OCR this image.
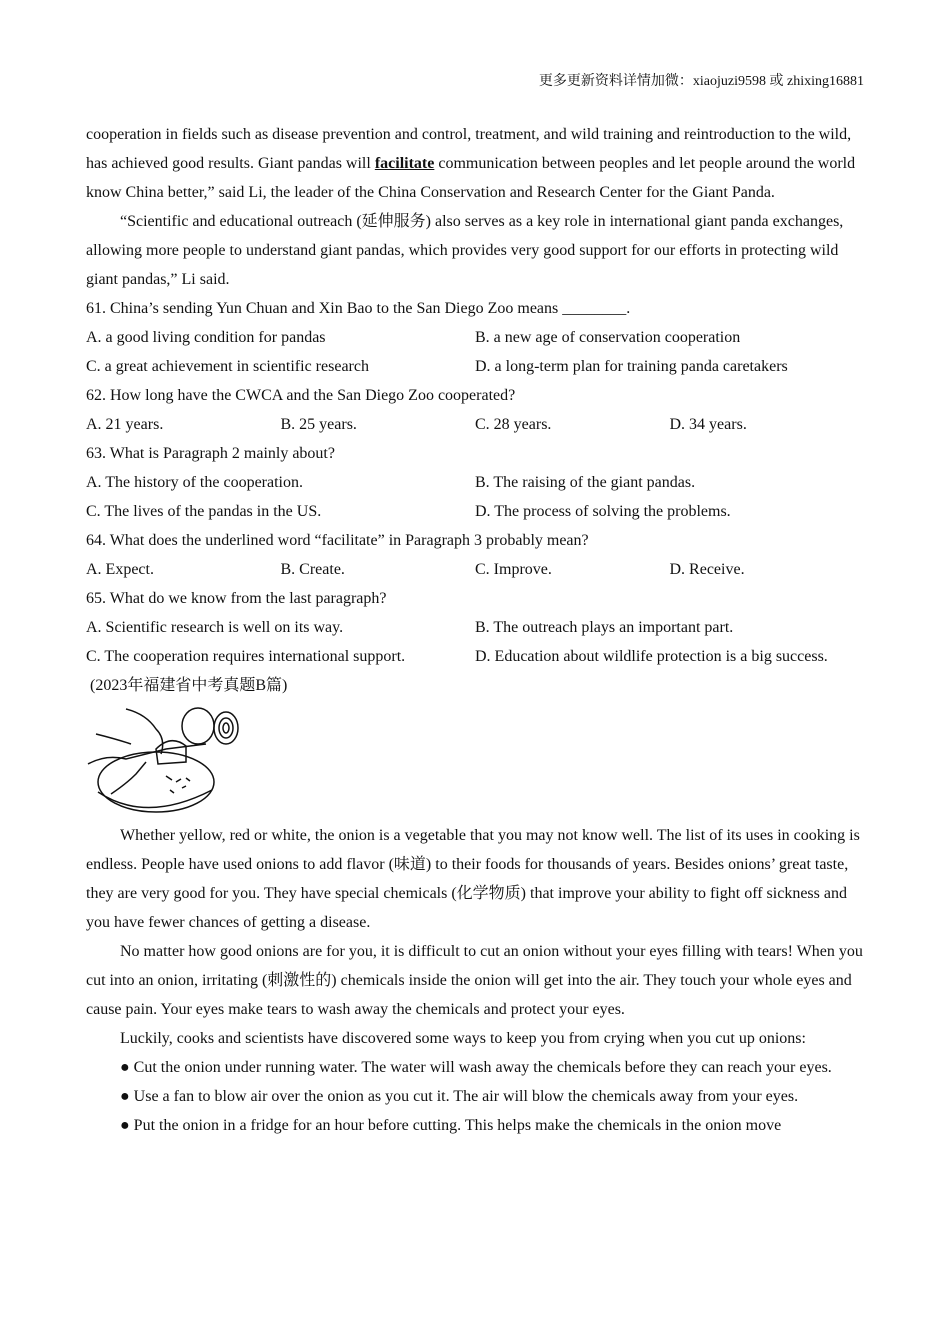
更多更新资料详情加微：xiaojuzi9598 或 zhixing16881

cooperation in fields such as disease prevention and control, treatment, and wild training and reintroduction to the wild, has achieved good results. Giant pandas will facilitate communication between peoples and let people around the world know China better,” said Li, the leader of the China Conservation and Research Center for the Giant Panda.

“Scientific and educational outreach (延伸服务) also serves as a key role in international giant panda exchanges, allowing more people to understand giant pandas, which provides very good support for our efforts in protecting wild giant pandas,” Li said.

61. China’s sending Yun Chuan and Xin Bao to the San Diego Zoo means ________.

A. a good living condition for pandas	B. a new age of conservation cooperation
C. a great achievement in scientific research	D. a long-term plan for training panda caretakers

62. How long have the CWCA and the San Diego Zoo cooperated?

A. 21 years.	B. 25 years.	C. 28 years.	D. 34 years.

63. What is Paragraph 2 mainly about?

A. The history of the cooperation.	B. The raising of the giant pandas.
C. The lives of the pandas in the US.	D. The process of solving the problems.

64. What does the underlined word “facilitate” in Paragraph 3 probably mean?

A. Expect.	B. Create.	C. Improve.	D. Receive.

65. What do we know from the last paragraph?

A. Scientific research is well on its way.	B. The outreach plays an important part.
C. The cooperation requires international support.	D. Education about wildlife protection is a big success.

(2023年福建省中考真题B篇)

Whether yellow, red or white, the onion is a vegetable that you may not know well. The list of its uses in cooking is endless. People have used onions to add flavor (味道) to their foods for thousands of years. Besides onions’ great taste, they are very good for you. They have special chemicals (化学物质) that improve your ability to fight off sickness and you have fewer chances of getting a disease.

No matter how good onions are for you, it is difficult to cut an onion without your eyes filling with tears! When you cut into an onion, irritating (刺激性的) chemicals inside the onion will get into the air. They touch your whole eyes and cause pain. Your eyes make tears to wash away the chemicals and protect your eyes.

Luckily, cooks and scientists have discovered some ways to keep you from crying when you cut up onions:

● Cut the onion under running water. The water will wash away the chemicals before they can reach your eyes.

● Use a fan to blow air over the onion as you cut it. The air will blow the chemicals away from your eyes.

● Put the onion in a fridge for an hour before cutting. This helps make the chemicals in the onion move
